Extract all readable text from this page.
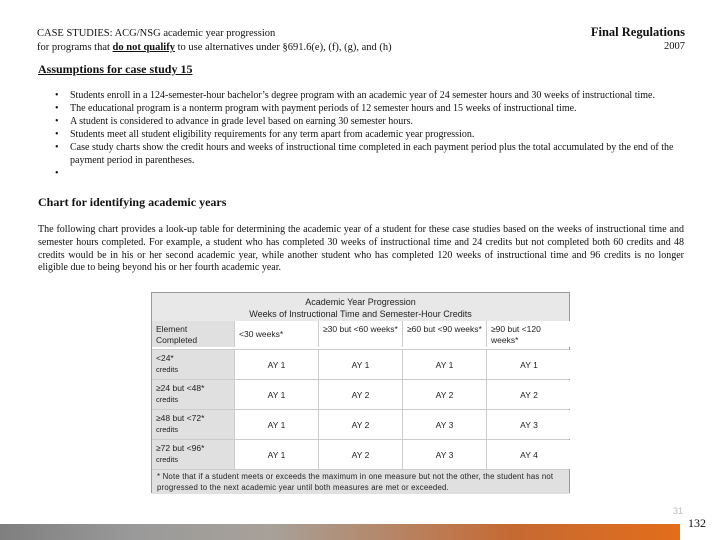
CASE STUDIES: ACG/NSG academic year progression
for programs that do not qualify to use alternatives under §691.6(e), (f), (g), and (h)
Final Regulations
2007
Assumptions for case study 15
• Students enroll in a 124-semester-hour bachelor’s degree program with an academic year of 24 semester hours and 30 weeks of instructional time.
• The educational program is a nonterm program with payment periods of 12 semester hours and 15 weeks of instructional time.
• A student is considered to advance in grade level based on earning 30 semester hours.
• Students meet all student eligibility requirements for any term apart from academic year progression.
• Case study charts show the credit hours and weeks of instructional time completed in each payment period plus the total accumulated by the end of the payment period in parentheses.
•
Chart for identifying academic years
The following chart provides a look-up table for determining the academic year of a student for these case studies based on the weeks of instructional time and semester hours completed. For example, a student who has completed 30 weeks of instructional time and 24 credits but not completed both 60 credits and 48 credits would be in his or her second academic year, while another student who has completed 120 weeks of instructional time and 96 credits is no longer eligible due to being beyond his or her fourth academic year.
Academic Year Progression
Weeks of Instructional Time and Semester-Hour Credits
Element Completed
<30 weeks*	≥30 but <60 weeks*	≥60 but <90 weeks*	≥90 but <120 weeks*
<24*
credits	AY 1	AY 1	AY 1	AY 1
≥24 but <48*
credits	AY 1	AY 2	AY 2	AY 2
≥48 but <72*
credits	AY 1	AY 2	AY 3	AY 3
≥72 but <96*
credits	AY 1	AY 2	AY 3	AY 4
* Note that if a student meets or exceeds the maximum in one measure but not the other, the student has not progressed to the next academic year until both measures are met or exceeded.
31
132
